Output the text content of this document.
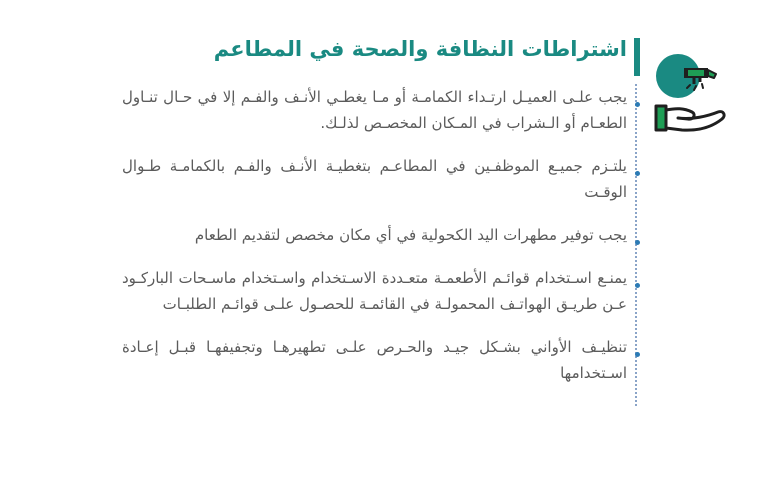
اشتراطات النظافة والصحة في المطاعم
يجب علـى العميـل ارتـداء الكمامـة أو مـا يغطـي الأنـف والفـم إلا في حـال تنـاول الطعـام أو الـشراب في المـكان المخصـص لذلـك.
يلتـزم جميـع الموظفـين في المطاعـم بتغطيـة الأنـف والفـم بالكمامـة طـوال الوقـت
يجب توفير مطهرات اليد الكحولية في أي مكان مخصص لتقديم الطعام
يمنـع اسـتخدام قوائـم الأطعمـة متعـددة الاسـتخدام واسـتخدام ماسـحات الباركـود عـن طريـق الهواتـف المحمولـة في القائمـة للحصـول علـى قوائـم الطلبـات
تنظيـف الأواني بشـكل جيـد والحـرص علـى تطهيرهـا وتجفيفهـا قبـل إعـادة اسـتخدامها
